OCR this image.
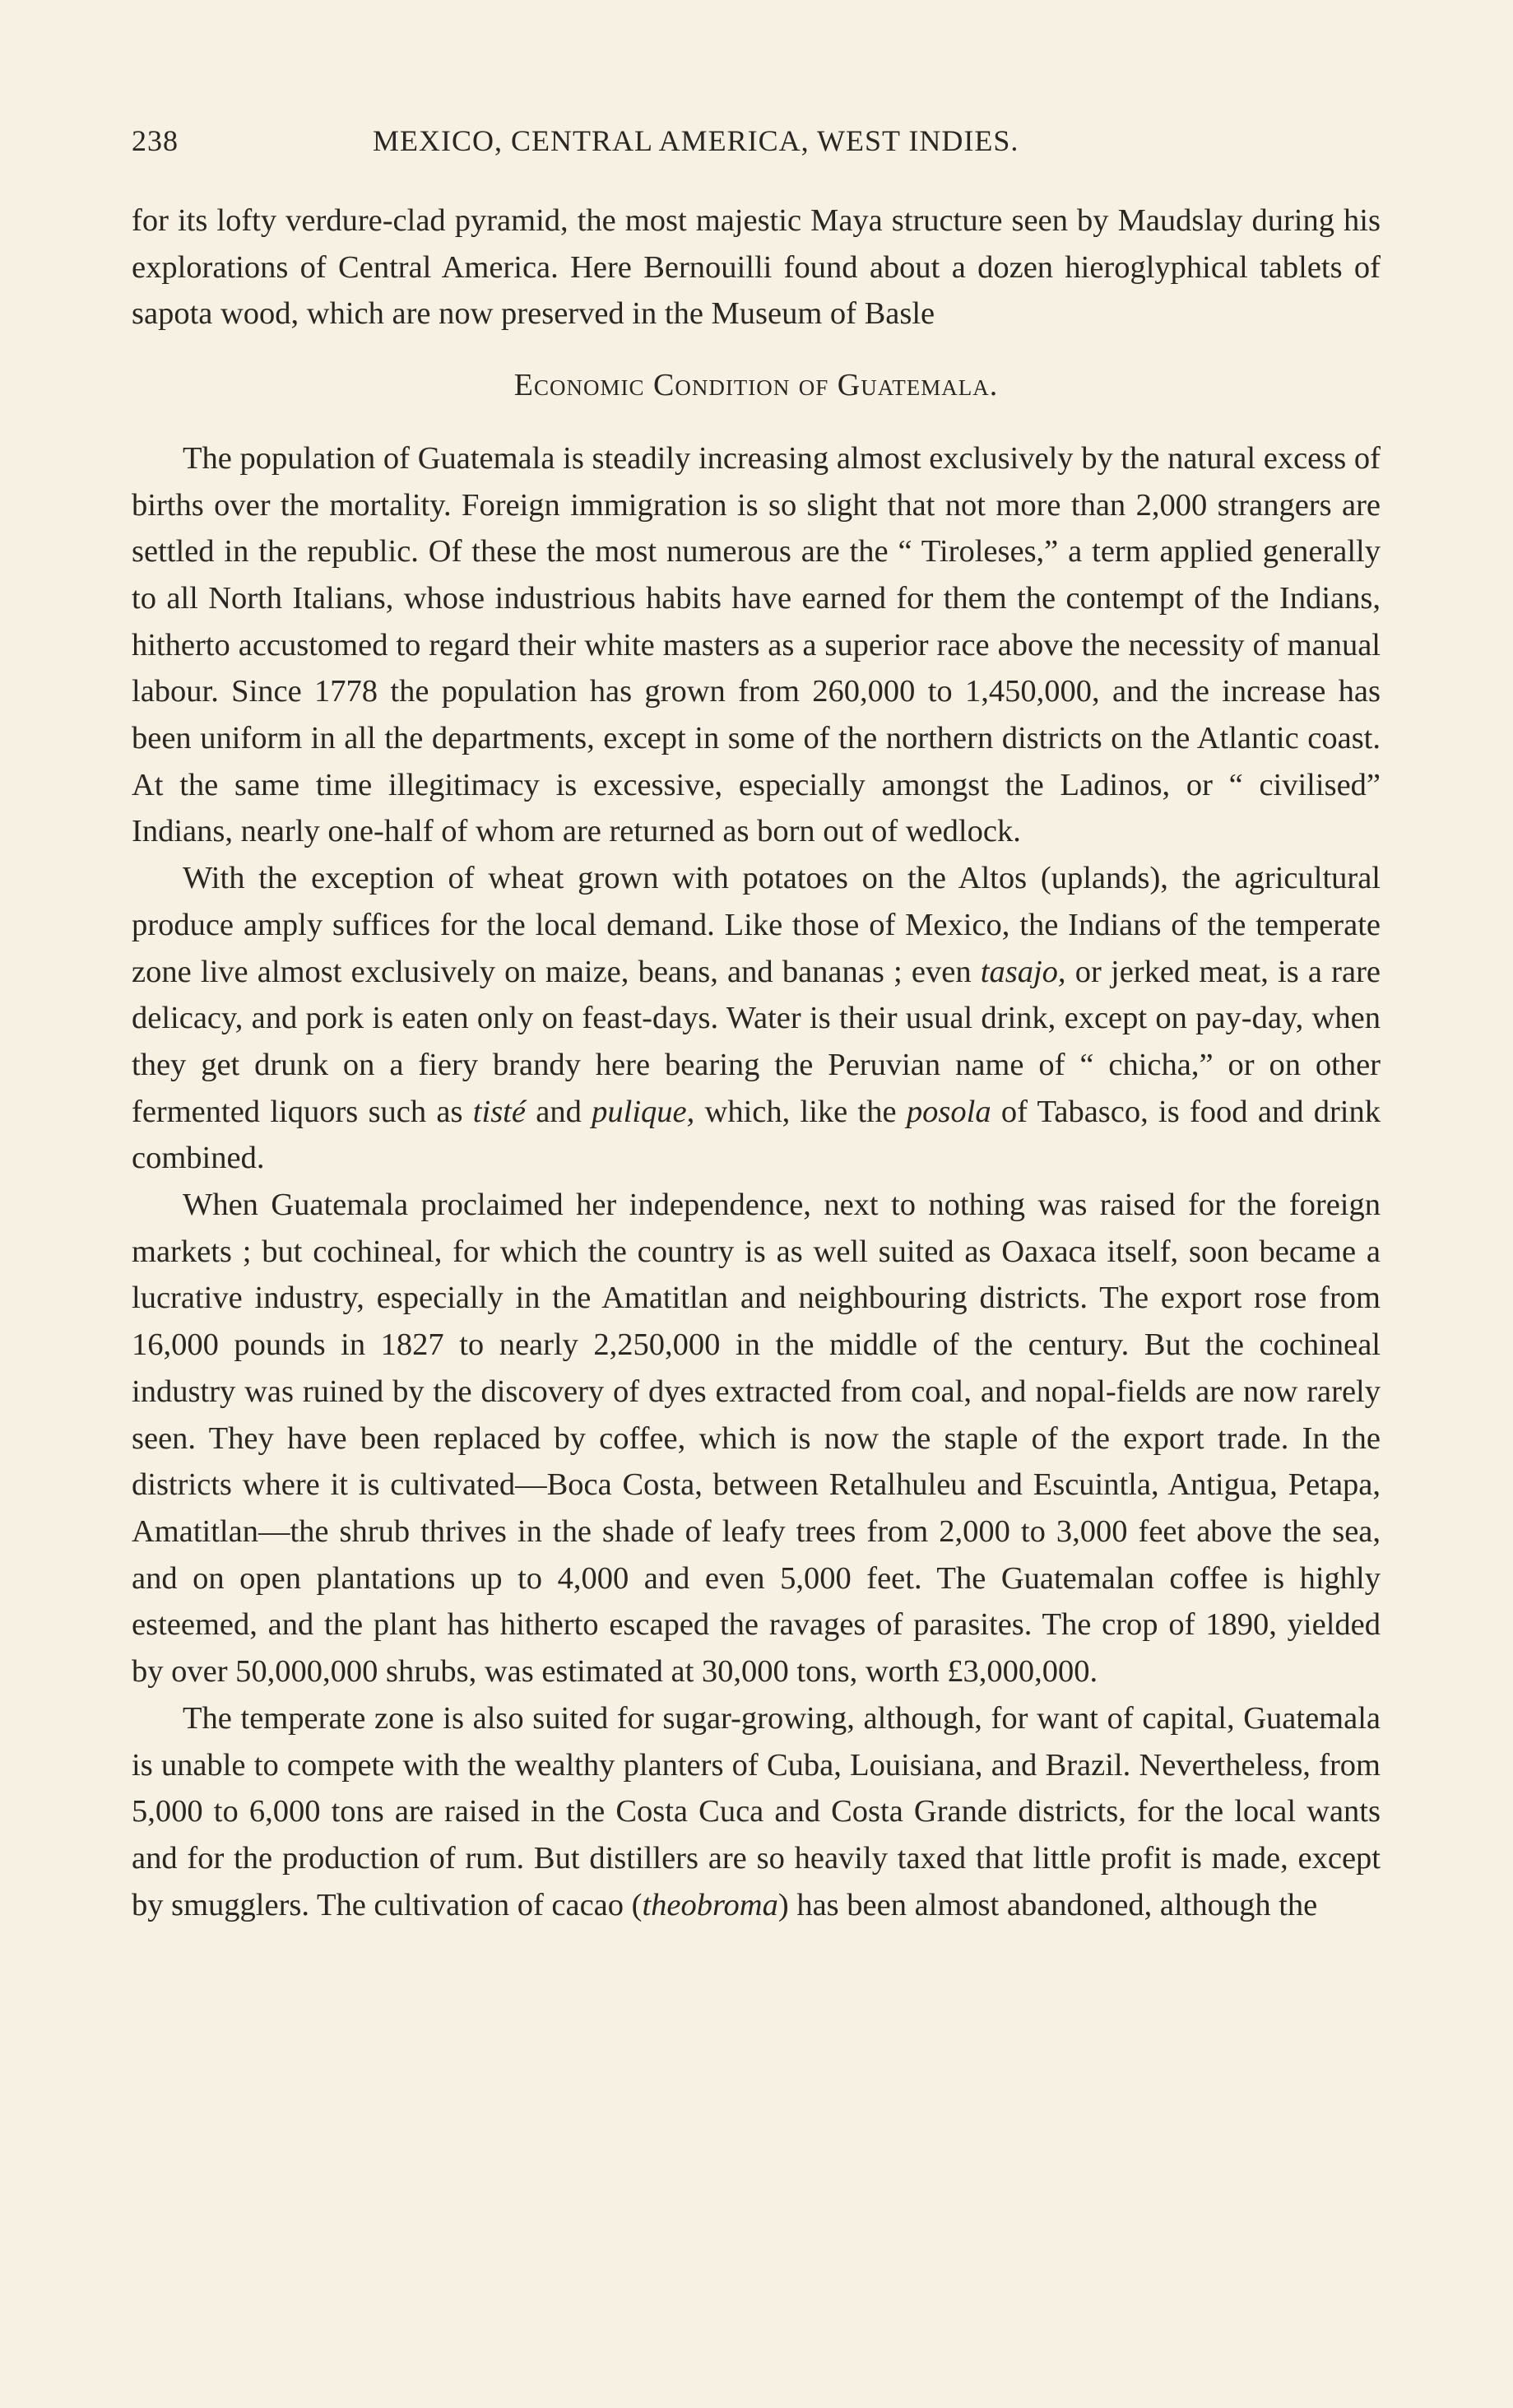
238	MEXICO, CENTRAL AMERICA, WEST INDIES.

for its lofty verdure-clad pyramid, the most majestic Maya structure seen by Maudslay during his explorations of Central America. Here Bernouilli found about a dozen hieroglyphical tablets of sapota wood, which are now preserved in the Museum of Basle

Economic Condition of Guatemala.

The population of Guatemala is steadily increasing almost exclusively by the natural excess of births over the mortality. Foreign immigration is so slight that not more than 2,000 strangers are settled in the republic. Of these the most numerous are the “ Tiroleses,” a term applied generally to all North Italians, whose industrious habits have earned for them the contempt of the Indians, hitherto accustomed to regard their white masters as a superior race above the necessity of manual labour. Since 1778 the population has grown from 260,000 to 1,450,000, and the increase has been uniform in all the departments, except in some of the northern districts on the Atlantic coast. At the same time illegitimacy is excessive, especially amongst the Ladinos, or “ civilised” Indians, nearly one-half of whom are returned as born out of wedlock.

With the exception of wheat grown with potatoes on the Altos (uplands), the agricultural produce amply suffices for the local demand. Like those of Mexico, the Indians of the temperate zone live almost exclusively on maize, beans, and bananas ; even tasajo, or jerked meat, is a rare delicacy, and pork is eaten only on feast-days. Water is their usual drink, except on pay-day, when they get drunk on a fiery brandy here bearing the Peruvian name of “ chicha,” or on other fermented liquors such as tisté and pulique, which, like the posola of Tabasco, is food and drink combined.

When Guatemala proclaimed her independence, next to nothing was raised for the foreign markets ; but cochineal, for which the country is as well suited as Oaxaca itself, soon became a lucrative industry, especially in the Amatitlan and neighbouring districts. The export rose from 16,000 pounds in 1827 to nearly 2,250,000 in the middle of the century. But the cochineal industry was ruined by the discovery of dyes extracted from coal, and nopal-fields are now rarely seen. They have been replaced by coffee, which is now the staple of the export trade. In the districts where it is cultivated—Boca Costa, between Retalhuleu and Escuintla, Antigua, Petapa, Amatitlan—the shrub thrives in the shade of leafy trees from 2,000 to 3,000 feet above the sea, and on open plantations up to 4,000 and even 5,000 feet. The Guatemalan coffee is highly esteemed, and the plant has hitherto escaped the ravages of parasites. The crop of 1890, yielded by over 50,000,000 shrubs, was estimated at 30,000 tons, worth £3,000,000.

The temperate zone is also suited for sugar-growing, although, for want of capital, Guatemala is unable to compete with the wealthy planters of Cuba, Louisiana, and Brazil. Nevertheless, from 5,000 to 6,000 tons are raised in the Costa Cuca and Costa Grande districts, for the local wants and for the production of rum. But distillers are so heavily taxed that little profit is made, except by smugglers. The cultivation of cacao (theobroma) has been almost abandoned, although the
